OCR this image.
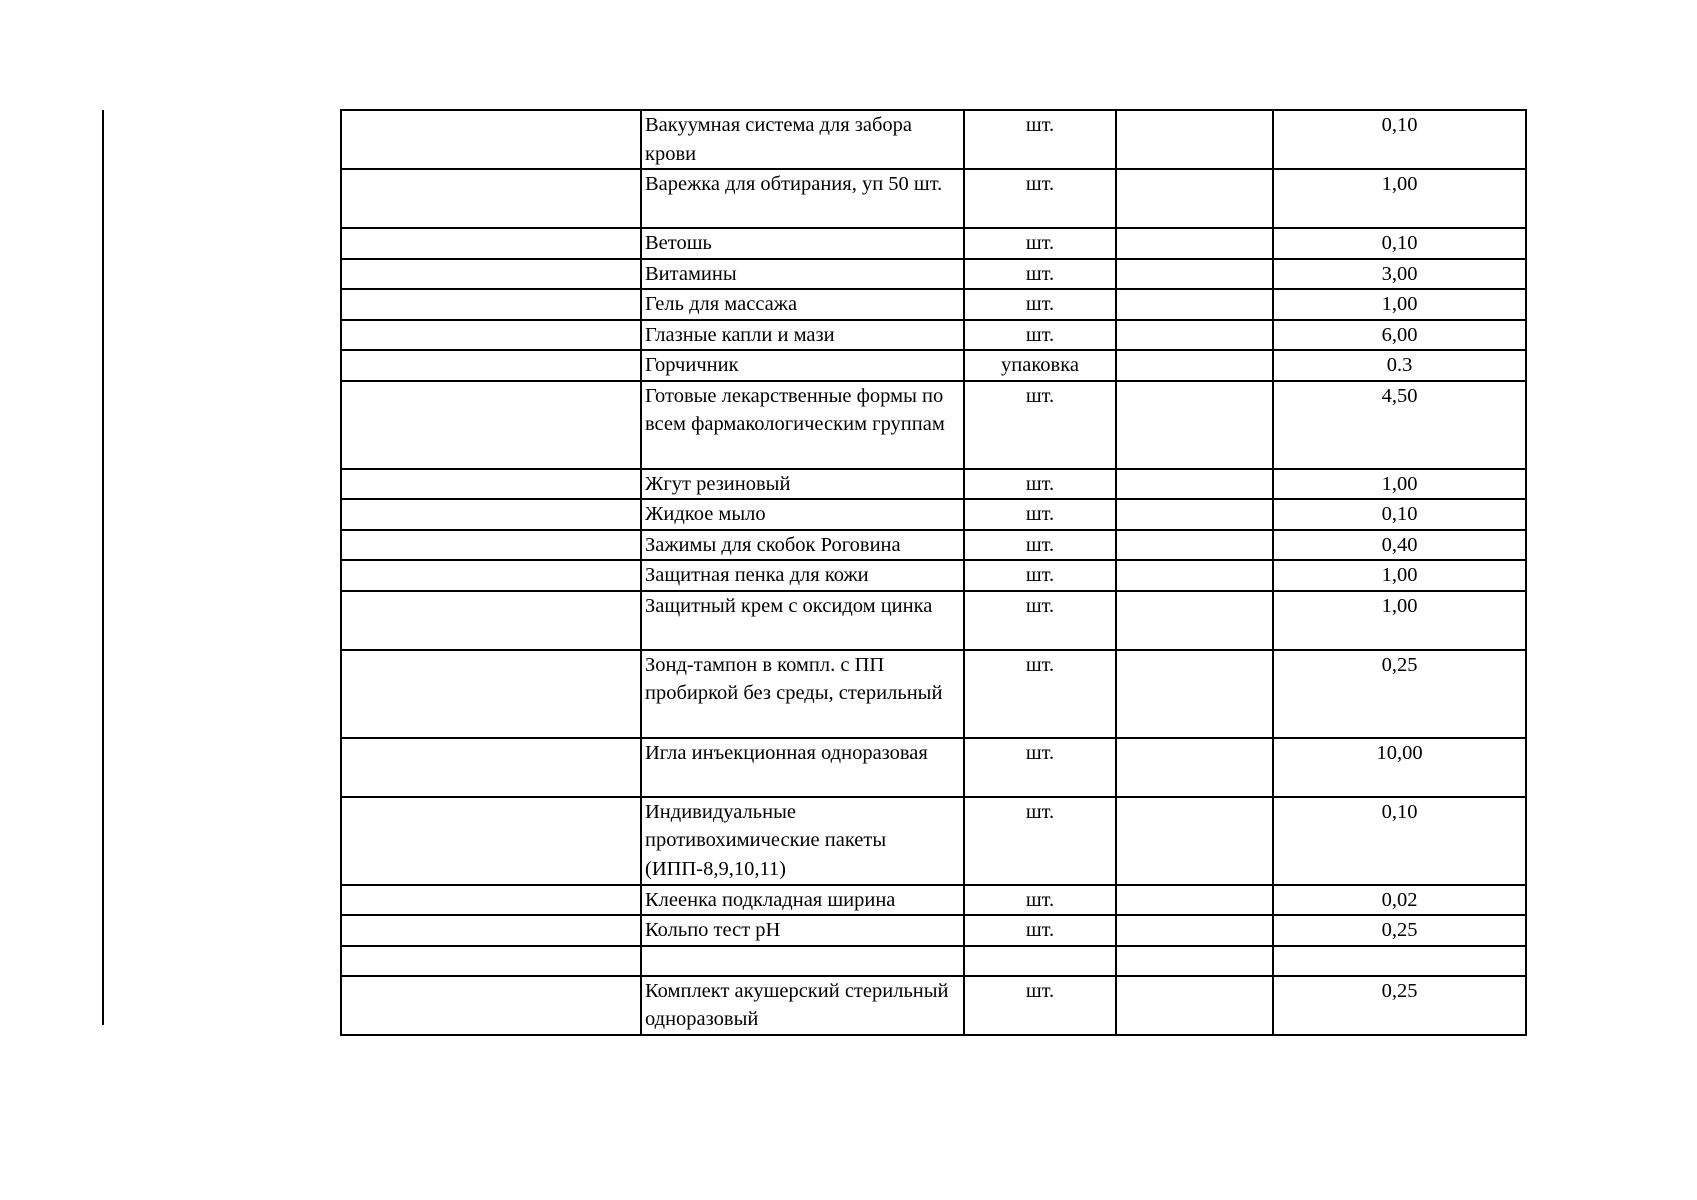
	Вакуумная система для забора крови	шт.		0,10
	Варежка для обтирания, уп 50 шт.	шт.		1,00
	Ветошь	шт.		0,10
	Витамины	шт.		3,00
	Гель для массажа	шт.		1,00
	Глазные капли и мази	шт.		6,00
	Горчичник	упаковка		0.3
	Готовые лекарственные формы по всем фармакологическим группам	шт.		4,50
	Жгут резиновый	шт.		1,00
	Жидкое мыло	шт.		0,10
	Зажимы для скобок Роговина	шт.		0,40
	Защитная пенка для кожи	шт.		1,00
	Защитный крем с оксидом цинка	шт.		1,00
	Зонд-тампон в компл. с ПП пробиркой без среды, стерильный	шт.		0,25
	Игла инъекционная одноразовая	шт.		10,00
	Индивидуальные противохимические пакеты (ИПП-8,9,10,11)	шт.		0,10
	Клеенка подкладная ширина	шт.		0,02
	Кольпо тест pH	шт.		0,25

	Комплект акушерский стерильный одноразовый	шт.		0,25
